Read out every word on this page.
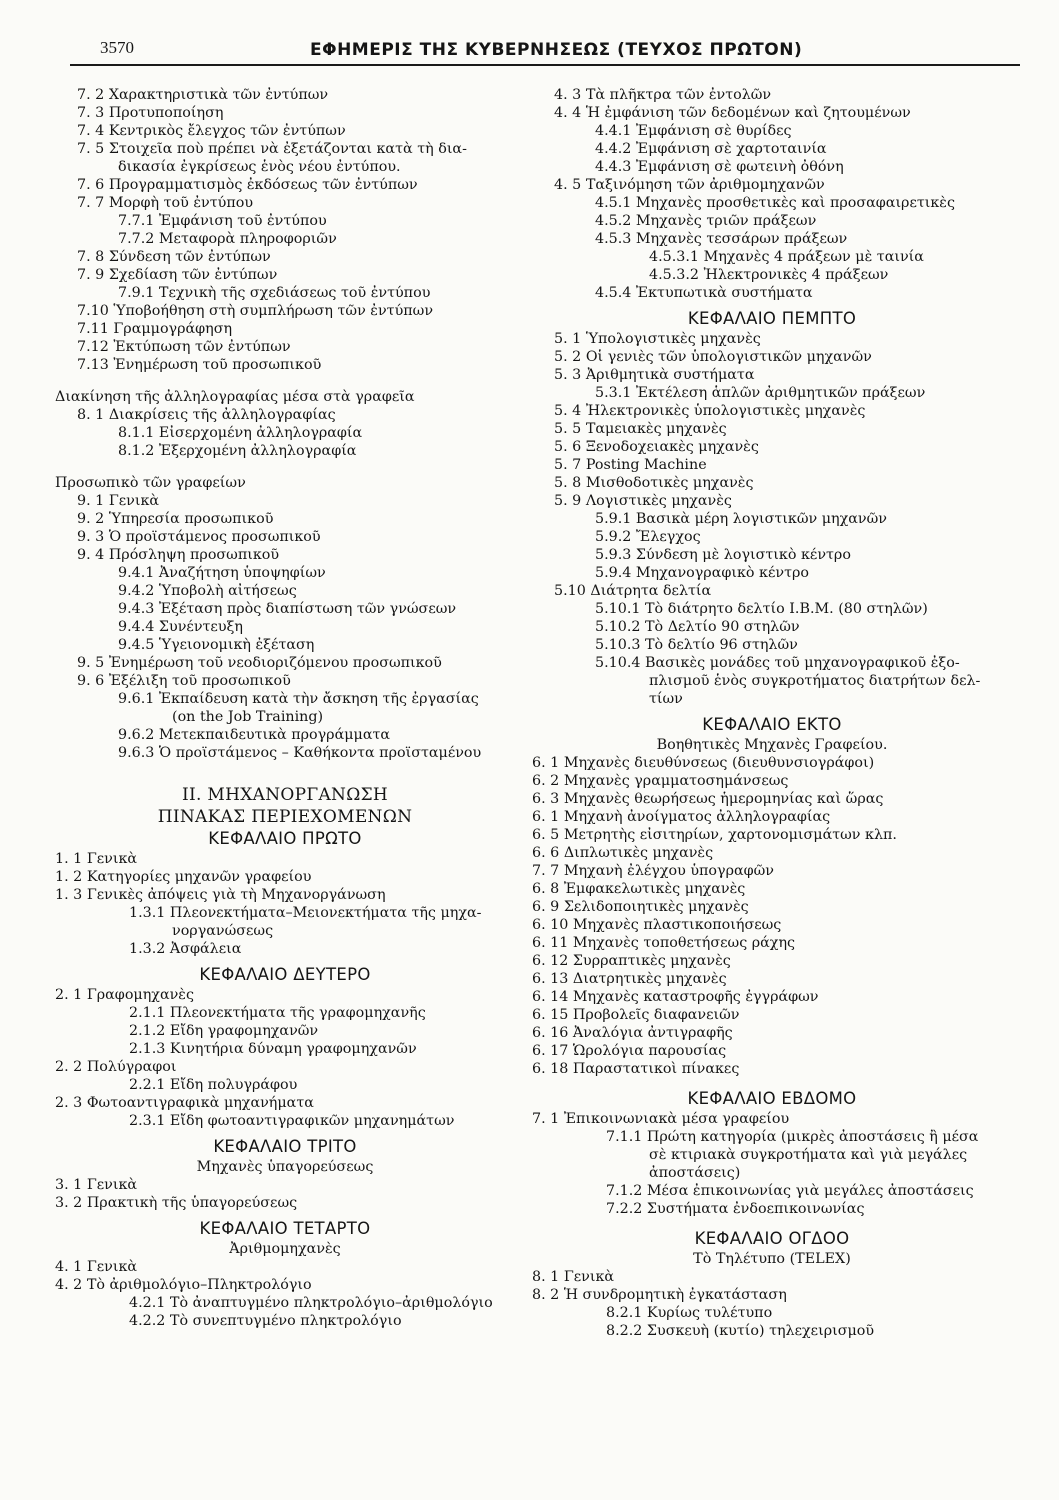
3570	ΕΦΗΜΕΡΙΣ ΤΗΣ ΚΥΒΕΡΝΗΣΕΩΣ (ΤΕΥΧΟΣ ΠΡΩΤΟΝ)
7. 2 Χαρακτηριστικὰ τῶν ἐντύπων
7. 3 Προτυποποίηση
7. 4 Κεντρικὸς ἔλεγχος τῶν ἐντύπων
7. 5 Στοιχεῖα ποὺ πρέπει νὰ ἐξετάζονται κατὰ τὴ δια-
δικασία ἐγκρίσεως ἑνὸς νέου ἐντύπου.
7. 6 Προγραμματισμὸς ἐκδόσεως τῶν ἐντύπων
7. 7 Μορφὴ τοῦ ἐντύπου
7.7.1 Ἐμφάνιση τοῦ ἐντύπου
7.7.2 Μεταφορὰ πληροφοριῶν
7. 8 Σύνδεση τῶν ἐντύπων
7. 9 Σχεδίαση τῶν ἐντύπων
7.9.1 Τεχνικὴ τῆς σχεδιάσεως τοῦ ἐντύπου
7.10 Ὑποβοήθηση στὴ συμπλήρωση τῶν ἐντύπων
7.11 Γραμμογράφηση
7.12 Ἐκτύπωση τῶν ἐντύπων
7.13 Ἐνημέρωση τοῦ προσωπικοῦ
Διακίνηση τῆς ἀλληλογραφίας μέσα στὰ γραφεῖα
8. 1 Διακρίσεις τῆς ἀλληλογραφίας
8.1.1 Εἰσερχομένη ἀλληλογραφία
8.1.2 Ἐξερχομένη ἀλληλογραφία
Προσωπικὸ τῶν γραφείων
9. 1 Γενικὰ
9. 2 Ὑπηρεσία προσωπικοῦ
9. 3 Ὁ προϊστάμενος προσωπικοῦ
9. 4 Πρόσληψη προσωπικοῦ
9.4.1 Ἀναζήτηση ὑποψηφίων
9.4.2 Ὑποβολὴ αἰτήσεως
9.4.3 Ἐξέταση πρὸς διαπίστωση τῶν γνώσεων
9.4.4 Συνέντευξη
9.4.5 Ὑγειονομικὴ ἐξέταση
9. 5 Ἐνημέρωση τοῦ νεοδιοριζόμενου προσωπικοῦ
9. 6 Ἐξέλιξη τοῦ προσωπικοῦ
9.6.1 Ἐκπαίδευση κατὰ τὴν ἄσκηση τῆς ἐργασίας
(on the Job Training)
9.6.2 Μετεκπαιδευτικὰ προγράμματα
9.6.3 Ὁ προϊστάμενος – Καθήκοντα προϊσταμένου
ΙΙ. ΜΗΧΑΝΟΡΓΑΝΩΣΗ
ΠΙΝΑΚΑΣ ΠΕΡΙΕΧΟΜΕΝΩΝ
ΚΕΦΑΛΑΙΟ ΠΡΩΤΟ
1. 1 Γενικὰ
1. 2 Κατηγορίες μηχανῶν γραφείου
1. 3 Γενικὲς ἀπόψεις γιὰ τὴ Μηχανοργάνωση
1.3.1 Πλεονεκτήματα–Μειονεκτήματα τῆς μηχα-
νοργανώσεως
1.3.2 Ἀσφάλεια
ΚΕΦΑΛΑΙΟ ΔΕΥΤΕΡΟ
2. 1 Γραφομηχανὲς
2.1.1 Πλεονεκτήματα τῆς γραφομηχανῆς
2.1.2 Εἴδη γραφομηχανῶν
2.1.3 Κινητήρια δύναμη γραφομηχανῶν
2. 2 Πολύγραφοι
2.2.1 Εἴδη πολυγράφου
2. 3 Φωτοαντιγραφικὰ μηχανήματα
2.3.1 Εἴδη φωτοαντιγραφικῶν μηχανημάτων
ΚΕΦΑΛΑΙΟ ΤΡΙΤΟ
Μηχανὲς ὑπαγορεύσεως
3. 1 Γενικὰ
3. 2 Πρακτικὴ τῆς ὑπαγορεύσεως
ΚΕΦΑΛΑΙΟ ΤΕΤΑΡΤΟ
Ἀριθμομηχανὲς
4. 1 Γενικὰ
4. 2 Τὸ ἀριθμολόγιο–Πληκτρολόγιο
4.2.1 Τὸ ἀναπτυγμένο πληκτρολόγιο–ἀριθμολόγιο
4.2.2 Τὸ συνεπτυγμένο πληκτρολόγιο
4. 3 Τὰ πλῆκτρα τῶν ἐντολῶν
4. 4 Ἡ ἐμφάνιση τῶν δεδομένων καὶ ζητουμένων
4.4.1 Ἐμφάνιση σὲ θυρίδες
4.4.2 Ἐμφάνιση σὲ χαρτοταινία
4.4.3 Ἐμφάνιση σὲ φωτεινὴ ὀθόνη
4. 5 Ταξινόμηση τῶν ἀριθμομηχανῶν
4.5.1 Μηχανὲς προσθετικὲς καὶ προσαφαιρετικὲς
4.5.2 Μηχανὲς τριῶν πράξεων
4.5.3 Μηχανὲς τεσσάρων πράξεων
4.5.3.1 Μηχανὲς 4 πράξεων μὲ ταινία
4.5.3.2 Ἠλεκτρονικὲς 4 πράξεων
4.5.4 Ἐκτυπωτικὰ συστήματα
ΚΕΦΑΛΑΙΟ ΠΕΜΠΤΟ
5. 1 Ὑπολογιστικὲς μηχανὲς
5. 2 Οἱ γενιὲς τῶν ὑπολογιστικῶν μηχανῶν
5. 3 Ἀριθμητικὰ συστήματα
5.3.1 Ἐκτέλεση ἁπλῶν ἀριθμητικῶν πράξεων
5. 4 Ἠλεκτρονικὲς ὑπολογιστικὲς μηχανὲς
5. 5 Ταμειακὲς μηχανὲς
5. 6 Ξενοδοχειακὲς μηχανὲς
5. 7 Posting Machine
5. 8 Μισθοδοτικὲς μηχανὲς
5. 9 Λογιστικὲς μηχανὲς
5.9.1 Βασικὰ μέρη λογιστικῶν μηχανῶν
5.9.2 Ἔλεγχος
5.9.3 Σύνδεση μὲ λογιστικὸ κέντρο
5.9.4 Μηχανογραφικὸ κέντρο
5.10 Διάτρητα δελτία
5.10.1 Τὸ διάτρητο δελτίο Ι.Β.Μ. (80 στηλῶν)
5.10.2 Τὸ Δελτίο 90 στηλῶν
5.10.3 Τὸ δελτίο 96 στηλῶν
5.10.4 Βασικὲς μονάδες τοῦ μηχανογραφικοῦ ἐξο-
πλισμοῦ ἑνὸς συγκροτήματος διατρήτων δελ-
τίων
ΚΕΦΑΛΑΙΟ ΕΚΤΟ
Βοηθητικὲς Μηχανὲς Γραφείου.
6. 1 Μηχανὲς διευθύνσεως (διευθυνσιογράφοι)
6. 2 Μηχανὲς γραμματοσημάνσεως
6. 3 Μηχανὲς θεωρήσεως ἡμερομηνίας καὶ ὥρας
6. 1 Μηχανὴ ἀνοίγματος ἀλληλογραφίας
6. 5 Μετρητὴς εἰσιτηρίων, χαρτονομισμάτων κλπ.
6. 6 Διπλωτικὲς μηχανὲς
7. 7 Μηχανὴ ἐλέγχου ὑπογραφῶν
6. 8 Ἐμφακελωτικὲς μηχανὲς
6. 9 Σελιδοποιητικὲς μηχανὲς
6. 10 Μηχανὲς πλαστικοποιήσεως
6. 11 Μηχανὲς τοποθετήσεως ράχης
6. 12 Συρραπτικὲς μηχανὲς
6. 13 Διατρητικὲς μηχανὲς
6. 14 Μηχανὲς καταστροφῆς ἐγγράφων
6. 15 Προβολεῖς διαφανειῶν
6. 16 Ἀναλόγια ἀντιγραφῆς
6. 17 Ὡρολόγια παρουσίας
6. 18 Παραστατικοὶ πίνακες
ΚΕΦΑΛΑΙΟ ΕΒΔΟΜΟ
7. 1 Ἐπικοινωνιακὰ μέσα γραφείου
7.1.1 Πρώτη κατηγορία (μικρὲς ἀποστάσεις ἢ μέσα
σὲ κτιριακὰ συγκροτήματα καὶ γιὰ μεγάλες
ἀποστάσεις)
7.1.2 Μέσα ἐπικοινωνίας γιὰ μεγάλες ἀποστάσεις
7.2.2 Συστήματα ἐνδοεπικοινωνίας
ΚΕΦΑΛΑΙΟ ΟΓΔΟΟ
Τὸ Τηλέτυπο (TELEX)
8. 1 Γενικὰ
8. 2 Ἡ συνδρομητικὴ ἐγκατάσταση
8.2.1 Κυρίως τυλέτυπο
8.2.2 Συσκευὴ (κυτίο) τηλεχειρισμοῦ
